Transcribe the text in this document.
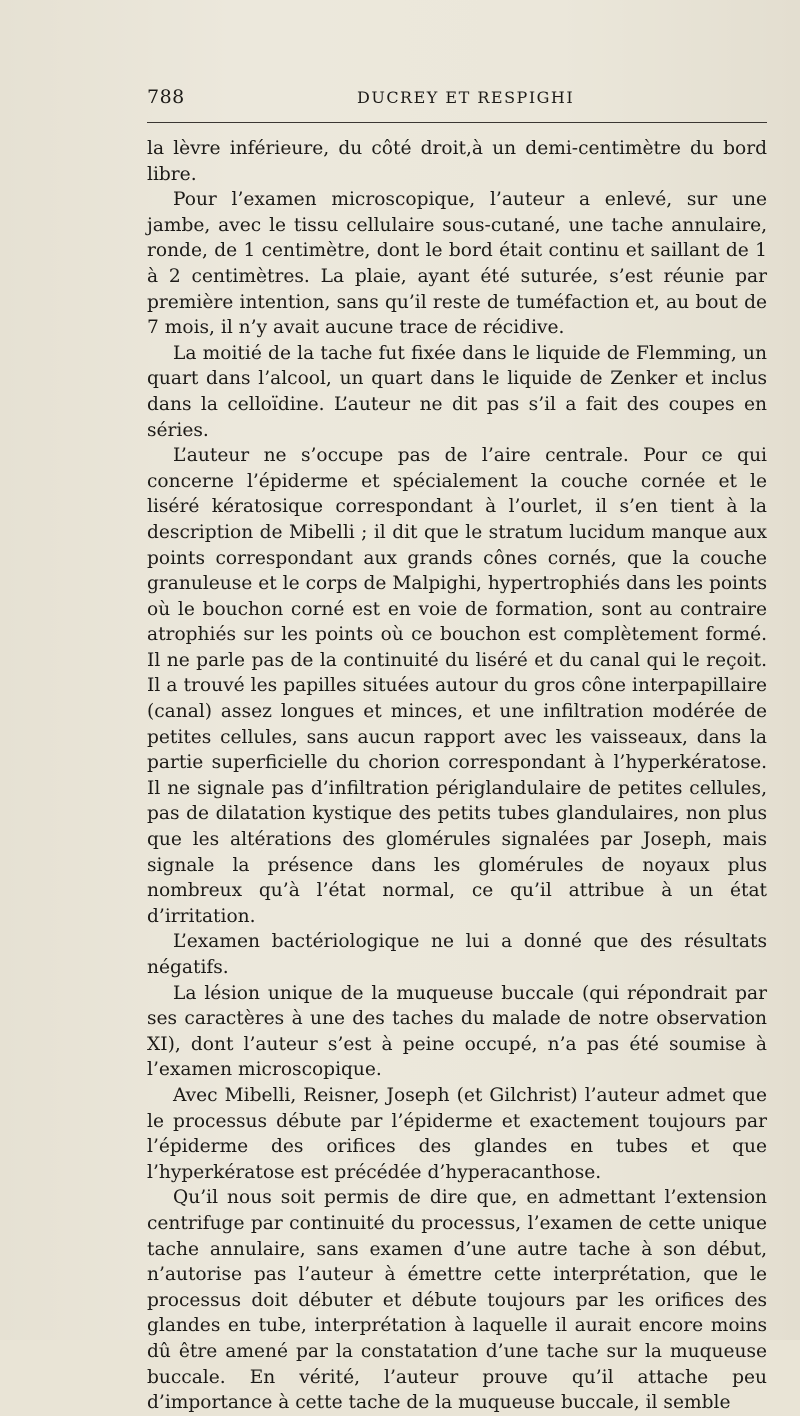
788	DUCREY ET RESPIGHI

la lèvre inférieure, du côté droit,à un demi-centimètre du bord libre.

Pour l’examen microscopique, l’auteur a enlevé, sur une jambe, avec le tissu cellulaire sous-cutané, une tache annulaire, ronde, de 1 centimètre, dont le bord était continu et saillant de 1 à 2 centimètres. La plaie, ayant été suturée, s’est réunie par première intention, sans qu’il reste de tuméfaction et, au bout de 7 mois, il n’y avait aucune trace de récidive.

La moitié de la tache fut fixée dans le liquide de Flemming, un quart dans l’alcool, un quart dans le liquide de Zenker et inclus dans la celloïdine. L’auteur ne dit pas s’il a fait des coupes en séries.

L’auteur ne s’occupe pas de l’aire centrale. Pour ce qui concerne l’épiderme et spécialement la couche cornée et le liséré kératosique correspondant à l’ourlet, il s’en tient à la description de Mibelli ; il dit que le stratum lucidum manque aux points correspondant aux grands cônes cornés, que la couche granuleuse et le corps de Malpighi, hypertrophiés dans les points où le bouchon corné est en voie de formation, sont au contraire atrophiés sur les points où ce bouchon est complètement formé. Il ne parle pas de la continuité du liséré et du canal qui le reçoit. Il a trouvé les papilles situées autour du gros cône interpapillaire (canal) assez longues et minces, et une infiltration modérée de petites cellules, sans aucun rapport avec les vaisseaux, dans la partie superficielle du chorion correspondant à l’hyperkératose. Il ne signale pas d’infiltration périglandulaire de petites cellules, pas de dilatation kystique des petits tubes glandulaires, non plus que les altérations des glomérules signalées par Joseph, mais signale la présence dans les glomérules de noyaux plus nombreux qu’à l’état normal, ce qu’il attribue à un état d’irritation.

L’examen bactériologique ne lui a donné que des résultats négatifs.

La lésion unique de la muqueuse buccale (qui répondrait par ses caractères à une des taches du malade de notre observation XI), dont l’auteur s’est à peine occupé, n’a pas été soumise à l’examen microscopique.

Avec Mibelli, Reisner, Joseph (et Gilchrist) l’auteur admet que le processus débute par l’épiderme et exactement toujours par l’épiderme des orifices des glandes en tubes et que l’hyperkératose est précédée d’hyperacanthose.

Qu’il nous soit permis de dire que, en admettant l’extension centrifuge par continuité du processus, l’examen de cette unique tache annulaire, sans examen d’une autre tache à son début, n’autorise pas l’auteur à émettre cette interprétation, que le processus doit débuter et débute toujours par les orifices des glandes en tube, interprétation à laquelle il aurait encore moins dû être amené par la constatation d’une tache sur la muqueuse buccale. En vérité, l’auteur prouve qu’il attache peu d’importance à cette tache de la muqueuse buccale, il semble
